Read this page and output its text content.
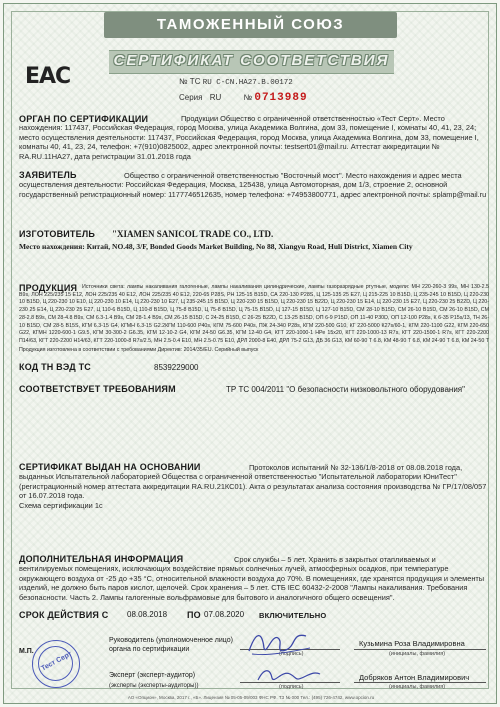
ТАМОЖЕННЫЙ СОЮЗ
СЕРТИФИКАТ СООТВЕТСТВИЯ
EAC	№ ТС RU C-CN.HA27.B.00172
Серия RU	№ 0713989
ОРГАН ПО СЕРТИФИКАЦИИ	Продукции Общество с ограниченной ответственностью «Тест Серт». Место нахождения: 117437, Российская Федерация, город Москва, улица Академика Волгина, дом 33, помещение I, комнаты 40, 41, 23, 24; место осуществления деятельности: 117437, Российская Федерация, город Москва, улица Академика Волгина, дом 33, помещение I, комнаты 40, 41, 23, 24, телефон: +7(910)0825002, адрес электронной почты: testsert01@mail.ru. Аттестат аккредитации № RA.RU.11HA27, дата регистрации 31.01.2018 года
ЗАЯВИТЕЛЬ	Общество с ограниченной ответственностью "Восточный мост". Место нахождения и адрес места осуществления деятельности: Российская Федерация, Москва, 125438, улица Автомоторная, дом 1/3, строение 2, основной государственный регистрационный номер: 1177746512635, номер телефона: +74953800771, адрес электронной почты: splamp@mail.ru
ИЗГОТОВИТЕЛЬ "XIAMEN SANICOL TRADE CO., LTD.
Место нахождения: Китай, NO.48, 3/F, Bonded Goods Market Building, No 88, Xiangyu Road, Huli District, Xiamen City
ПРОДУКЦИЯ Источники света: лампы накаливания галогенные, лампы накаливания цилиндрические, лампы газоразрядные ртутные, модели: МН 220-260-3 99s, МН 130-2.5 В9s, ЛОН 225/235 15 Е12, ЛОН 225/235 40 Е12, ЛОН 225/235 40 Е12, 220-65 Р28S, РН 125-15 В15D, СА 220-130 Р28S, Ц 125-135 25 Е27, Ц 215-225 10 В15D, Ц 235-245 10 В15D, Ц 220-230 10 В15D, Ц 220-230 10 Е10, Ц 220-230 10 Е14, Ц 220-230 10 Е27, Ц 235-245 15 В15D, Ц 220-230 15 В15D, Ц 220-230 15 В22D, Ц 220-230 15 Е14, Ц 220-230 15 Е27, Ц 220-230 25 В22D, Ц 220-230 25 Е14, Ц 220-230 25 Е27, Ц 110-6 В15D, Ц 110-8 В15D, Ц 75-8 В15D, Ц 75-8 В15D, Ц 75-15 В15D, Ц 127-15 В15D, Ц 127-10 В15D, СМ 28-10 В15D, СМ 26-10 В15D, СМ 26-10 В15D, СМ 28-2.8 В9s, СМ 28-4.8 В9s, СМ 6.3-1.4 В9s, СМ 28-1.4 В9s, СМ 26-15 В15D, С 24-25 В15D, С 26-25 В22D, С 13-25 В15D, ОП 6-9 Р15D, ОП 11-40 Р30D, ОП 12-100 Р28s, К 6-35 Р15s/13, ТН 26-10 В15D, СМ 28-5 В15S, КГМ 6.3-15 G4, КГМН 6.3-15 G2.2КГМ 110-600 Р40s, КГМ 75-600 Р40s, ПЖ 24-340 Р28s, КГМ 220-500 G10, КГ 220-5000 К27s/60-1, КГМ 220-1100 G22, КГМ 220-650 G22, КГМН 1220-600-1 G9.5, КГМ 30-300-2 G6.35, КГМ 12-10-2 G4, КГМ 24-50 G6.35, КГМ 12-40 G4, КГТ 220-1000-1 НРе 15x20, КГТ 220-1000-13 R7s, КГТ 220-1500-1 R7s, КГТ 220-2200 П14/63, КГТ 220-2200 Н14/63, КГТ 220-1000-8 R7s/2.5, МН 2.5-0.4 Е10, МН 2.5-0.75 Е10, ДРЛ 2000-8 Е40, ДРЛ 75-2 G13, ДБ 36 G13, КМ 60-90 Т 6.8, КМ 48-90 Т 6.8, КМ 24-90 Т 6.8, КМ 24-50 Т
Продукция изготовлена в соответствии с требованиями Директив: 2014/35/EU. Серийный выпуск
КОД ТН ВЭД ТС	8539229000
СООТВЕТСТВУЕТ ТРЕБОВАНИЯМ	ТР ТС 004/2011 "О безопасности низковольтного оборудования"
СЕРТИФИКАТ ВЫДАН НА ОСНОВАНИИ	Протоколов испытаний № 32-136/1/8-2018 от 08.08.2018 года, выданных Испытательной лабораторией Общества с ограниченной ответственностью "Испытательной лаборатории ЮниТест" (регистрационный номер аттестата аккредитации RA.RU.21КС01). Акта о результатах анализа состояния производства № ГР/17/08/057 от 16.07.2018 года.
Схема сертификации 1с
ДОПОЛНИТЕЛЬНАЯ ИНФОРМАЦИЯ	Срок службы – 5 лет. Хранить в закрытых отапливаемых и вентилируемых помещениях, исключающих воздействие прямых солнечных лучей, атмосферных осадков, при температуре окружающего воздуха от -25 до +35 °С, относительной влажности воздуха до 70%. В помещениях, где хранятся продукция и элементы изделий, не должно быть паров кислот, щелочей. Срок хранения – 5 лет. СТБ IEC 60432-2-2008 "Лампы накаливания. Требования безопасности. Часть 2. Лампы галогенные вольфрамовые для бытового и аналогичного общего освещения".
СРОК ДЕЙСТВИЯ С 08.08.2018 ПО 07.08.2020 ВКЛЮЧИТЕЛЬНО
Руководитель (уполномоченное лицо) органа по сертификации
(подпись)
Кузьмина Роза Владимировна
(инициалы, фамилия)
Эксперт (эксперт-аудитор)
(подпись)
(эксперты (эксперты-аудиторы))
Добряков Антон Владимирович
(инициалы, фамилия)
М.П. Тест Серт
АО «Опцион», Москва, 2017 г., «Б». Лицензия № 05-05-09/003 ФНС РФ. ТЗ № 000 Тел.: (495) 726-4742, www.opcion.ru
